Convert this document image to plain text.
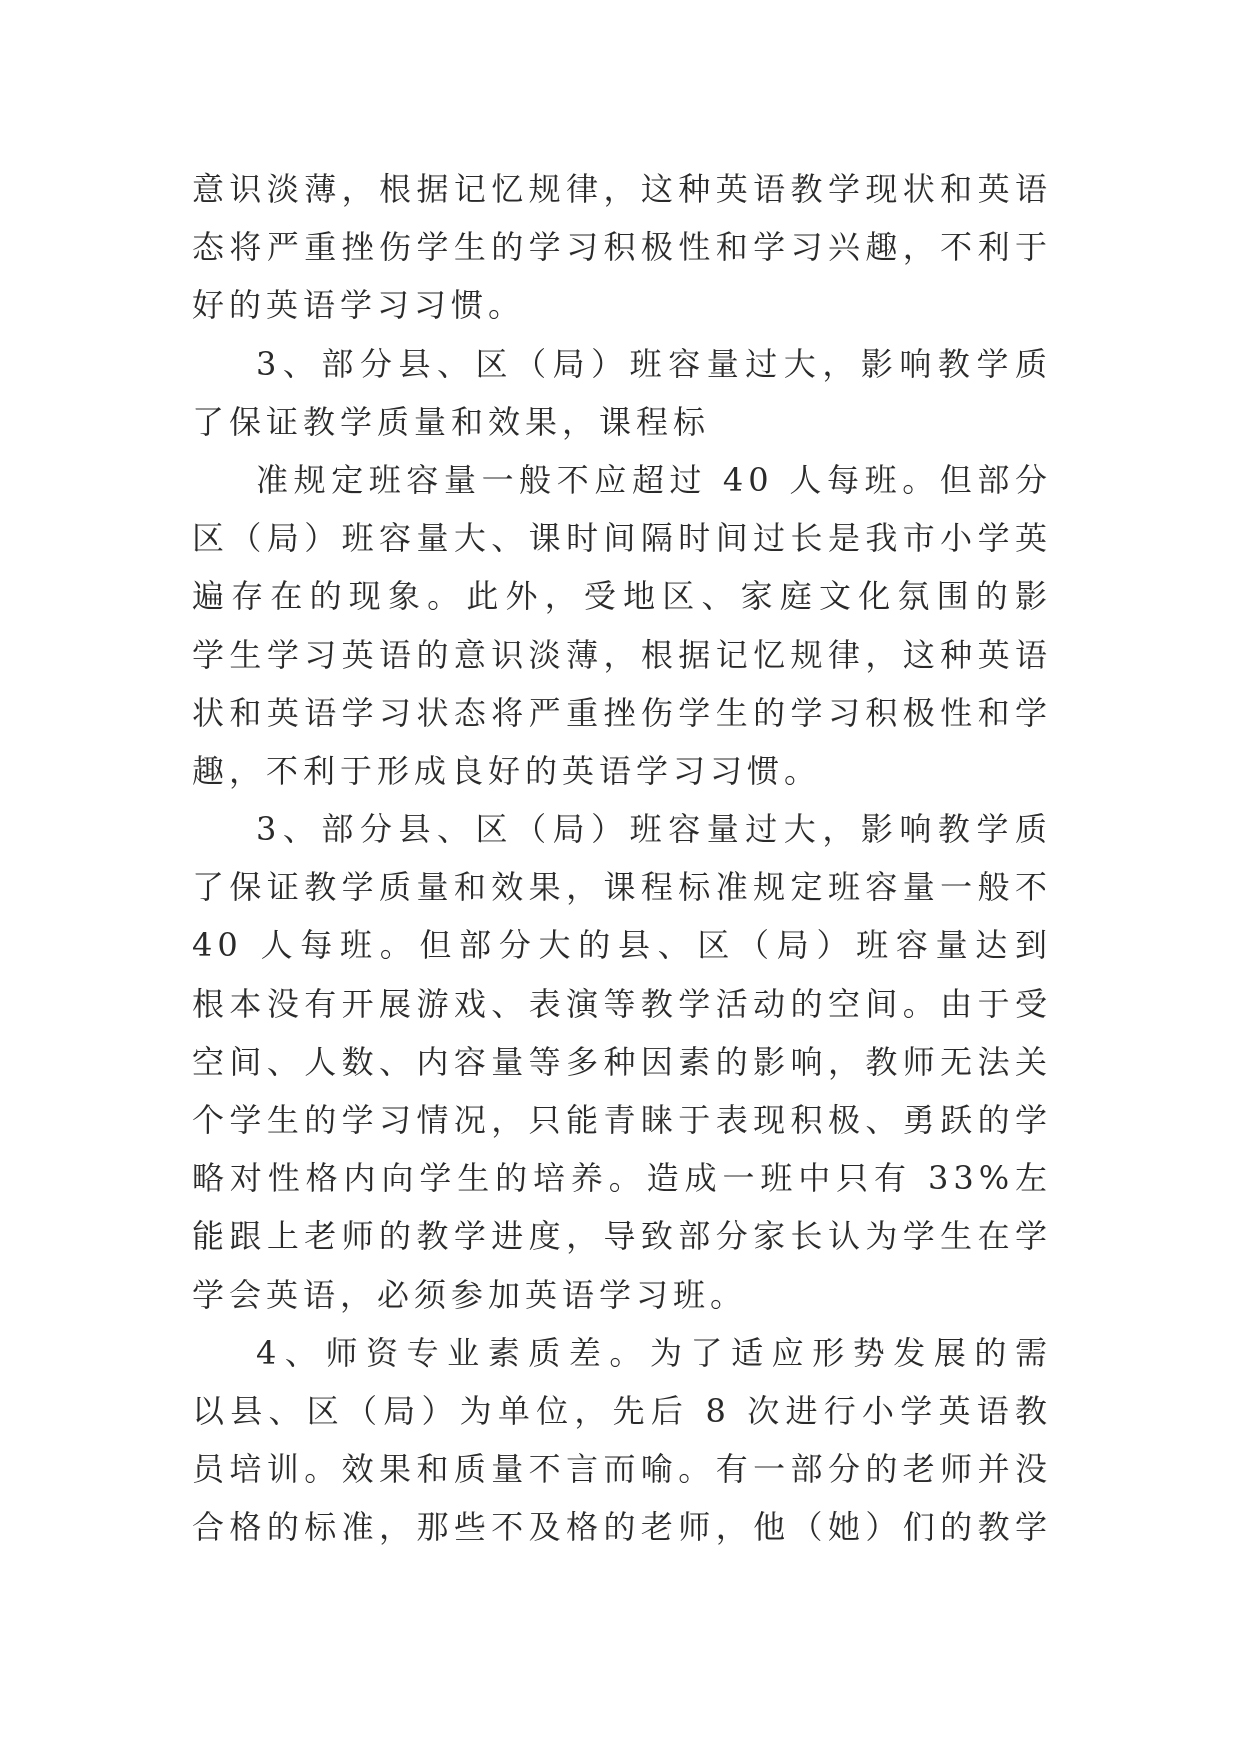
意识淡薄，根据记忆规律，这种英语教学现状和英语
态将严重挫伤学生的学习积极性和学习兴趣，不利于
好的英语学习习惯。
3、部分县、区（局）班容量过大，影响教学质
了保证教学质量和效果，课程标
准规定班容量一般不应超过 40 人每班。但部分
区（局）班容量大、课时间隔时间过长是我市小学英
遍存在的现象。此外，受地区、家庭文化氛围的影
学生学习英语的意识淡薄，根据记忆规律，这种英语
状和英语学习状态将严重挫伤学生的学习积极性和学
趣，不利于形成良好的英语学习习惯。
3、部分县、区（局）班容量过大，影响教学质
了保证教学质量和效果，课程标准规定班容量一般不
40 人每班。但部分大的县、区（局）班容量达到
根本没有开展游戏、表演等教学活动的空间。由于受
空间、人数、内容量等多种因素的影响，教师无法关
个学生的学习情况，只能青睐于表现积极、勇跃的学
略对性格内向学生的培养。造成一班中只有 33%左
能跟上老师的教学进度，导致部分家长认为学生在学
学会英语，必须参加英语学习班。
4、师资专业素质差。为了适应形势发展的需
以县、区（局）为单位，先后 8 次进行小学英语教
员培训。效果和质量不言而喻。有一部分的老师并没
合格的标准，那些不及格的老师，他（她）们的教学
